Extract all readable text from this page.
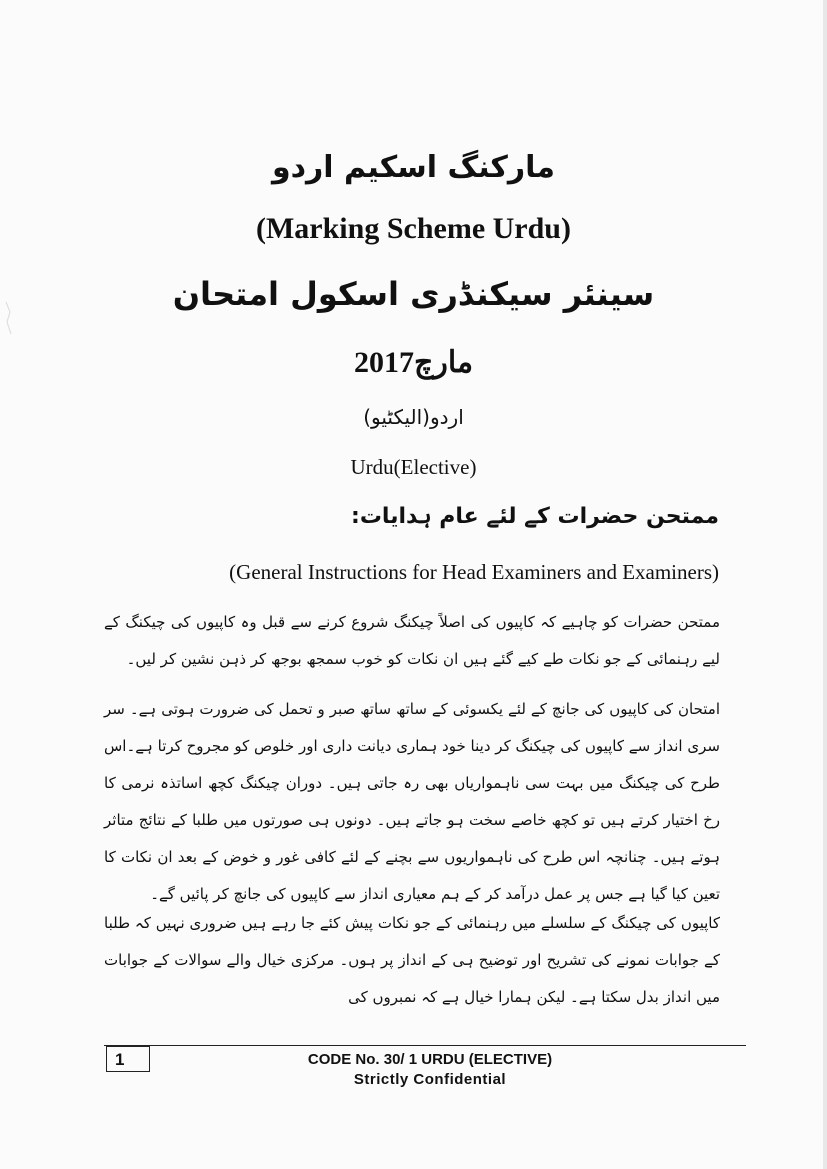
مارکنگ اسکیم اردو
(Marking Scheme Urdu)
سینئر سیکنڈری اسکول امتحان
مارچ2017
اردو(الیکٹیو)
Urdu(Elective)
ممتحن حضرات کے لئے عام ہدایات:
(General Instructions for Head Examiners and Examiners)
ممتحن حضرات کو چاہیے کہ کاپیوں کی اصلاً چیکنگ شروع کرنے سے قبل وہ کاپیوں کی چیکنگ کے لیے رہنمائی کے جو نکات طے کیے گئے ہیں ان نکات کو خوب سمجھ بوجھ کر ذہن نشین کر لیں۔
امتحان کی کاپیوں کی جانچ کے لئے یکسوئی کے ساتھ ساتھ صبر و تحمل کی ضرورت ہوتی ہے۔ سر سری انداز سے کاپیوں کی چیکنگ کر دینا خود ہماری دیانت داری اور خلوص کو مجروح کرتا ہے۔اس طرح کی چیکنگ میں بہت سی ناہمواریاں بھی رہ جاتی ہیں۔ دوران چیکنگ کچھ اساتذہ نرمی کا رخ اختیار کرتے ہیں تو کچھ خاصے سخت ہو جاتے ہیں۔ دونوں ہی صورتوں میں طلبا کے نتائج متاثر ہوتے ہیں۔ چنانچہ اس طرح کی ناہمواریوں سے بچنے کے لئے کافی غور و خوض کے بعد ان نکات کا تعین کیا گیا ہے جس پر عمل درآمد کر کے ہم معیاری انداز سے کاپیوں کی جانچ کر پائیں گے۔
کاپیوں کی چیکنگ کے سلسلے میں رہنمائی کے جو نکات پیش کئے جا رہے ہیں ضروری نہیں کہ طلبا کے جوابات نمونے کی تشریح اور توضیح ہی کے انداز پر ہوں۔ مرکزی خیال والے سوالات کے جوابات میں انداز بدل سکتا ہے۔ لیکن ہمارا خیال ہے کہ نمبروں کی
1	CODE No. 30/ 1 URDU (ELECTIVE)
Strictly Confidential
